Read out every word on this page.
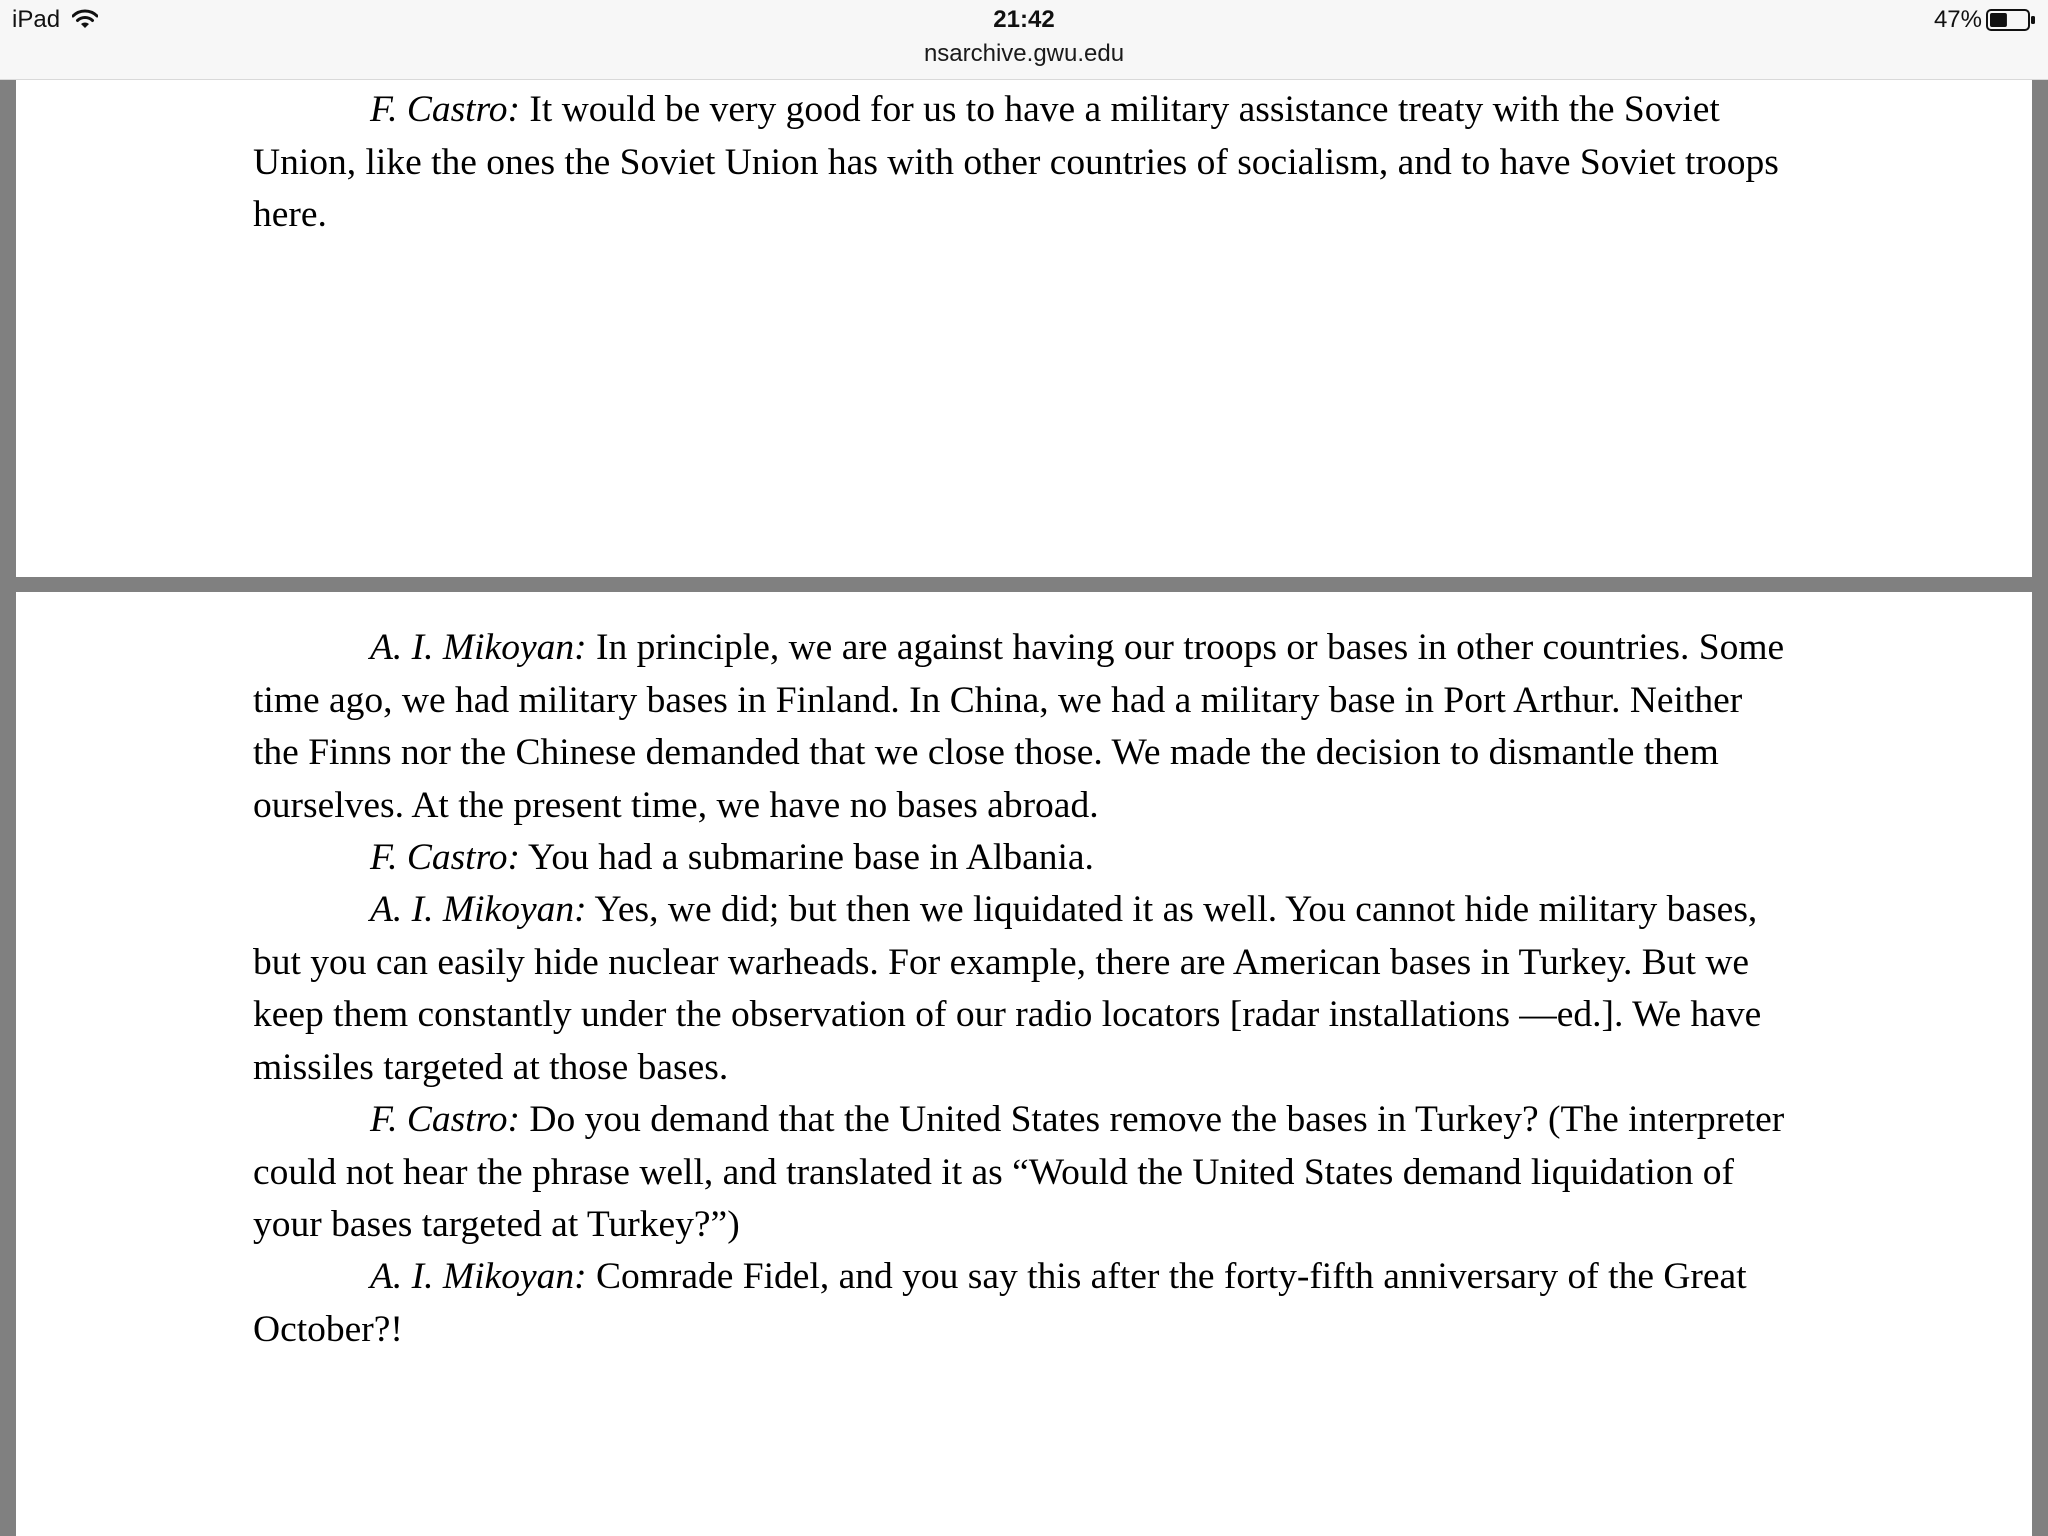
iPad	21:42
nsarchive.gwu.edu
47%

F. Castro: It would be very good for us to have a military assistance treaty with the Soviet Union, like the ones the Soviet Union has with other countries of socialism, and to have Soviet troops here.

A. I. Mikoyan: In principle, we are against having our troops or bases in other countries. Some time ago, we had military bases in Finland. In China, we had a military base in Port Arthur. Neither the Finns nor the Chinese demanded that we close those. We made the decision to dismantle them ourselves. At the present time, we have no bases abroad.

F. Castro: You had a submarine base in Albania.

A. I. Mikoyan: Yes, we did; but then we liquidated it as well. You cannot hide military bases, but you can easily hide nuclear warheads. For example, there are American bases in Turkey. But we keep them constantly under the observation of our radio locators [radar installations —ed.]. We have missiles targeted at those bases.

F. Castro: Do you demand that the United States remove the bases in Turkey? (The interpreter could not hear the phrase well, and translated it as “Would the United States demand liquidation of your bases targeted at Turkey?”)

A. I. Mikoyan: Comrade Fidel, and you say this after the forty-fifth anniversary of the Great October?!
